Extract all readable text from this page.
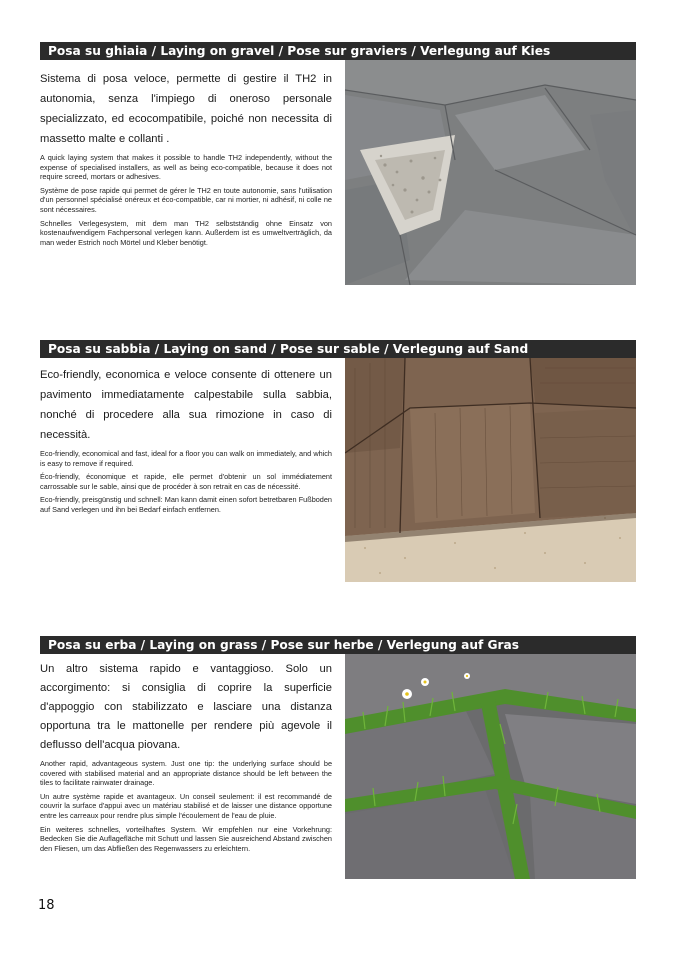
Posa su ghiaia / Laying on gravel / Pose sur graviers / Verlegung auf Kies

Sistema di posa veloce, permette di gestire il TH2 in autonomia, senza l'impiego di oneroso personale specializzato, ed ecocompatibile, poiché non necessita di massetto malte e collanti .

A quick laying system that makes it possible to handle TH2 independently, without the expense of specialised installers, as well as being eco-compatible, because it does not require screed, mortars or adhesives.

Système de pose rapide qui permet de gérer le TH2 en toute autonomie, sans l'utilisation d'un personnel spécialisé onéreux et éco-compatible, car ni mortier, ni adhésif, ni colle ne sont nécessaires.

Schnelles Verlegesystem, mit dem man TH2 selbstständig ohne Einsatz von kostenaufwendigem Fachpersonal verlegen kann. Außerdem ist es umweltverträglich, da man weder Estrich noch Mörtel und Kleber benötigt.

Posa su sabbia / Laying on sand / Pose sur sable / Verlegung auf Sand

Eco-friendly, economica e veloce consente di ottenere un pavimento immediatamente calpestabile sulla sabbia, nonché di procedere alla sua rimozione in caso di necessità.

Eco-friendly, economical and fast, ideal for a floor you can walk on immediately, and which is easy to remove if required.

Éco-friendly, économique et rapide, elle permet d'obtenir un sol immédiatement carrossable sur le sable, ainsi que de procéder à son retrait en cas de nécessité.

Eco-friendly, preisgünstig und schnell: Man kann damit einen sofort betretbaren Fußboden auf Sand verlegen und ihn bei Bedarf einfach entfernen.

Posa su erba / Laying on grass / Pose sur herbe / Verlegung auf Gras

Un altro sistema rapido e vantaggioso. Solo un accorgimento: si consiglia di coprire la superficie d'appoggio con stabilizzato e lasciare una distanza opportuna tra le mattonelle per rendere più agevole il deflusso dell'acqua piovana.

Another rapid, advantageous system. Just one tip: the underlying surface should be covered with stabilised material and an appropriate distance should be left between the tiles to facilitate rainwater drainage.

Un autre système rapide et avantageux. Un conseil seulement: il est recommandé de couvrir la surface d'appui avec un matériau stabilisé et de laisser une distance opportune entre les carreaux pour rendre plus simple l'écoulement de l'eau de pluie.

Ein weiteres schnelles, vorteilhaftes System. Wir empfehlen nur eine Vorkehrung: Bedecken Sie die Auflagefläche mit Schutt und lassen Sie ausreichend Abstand zwischen den Fliesen, um das Abfließen des Regenwassers zu erleichtern.

18
